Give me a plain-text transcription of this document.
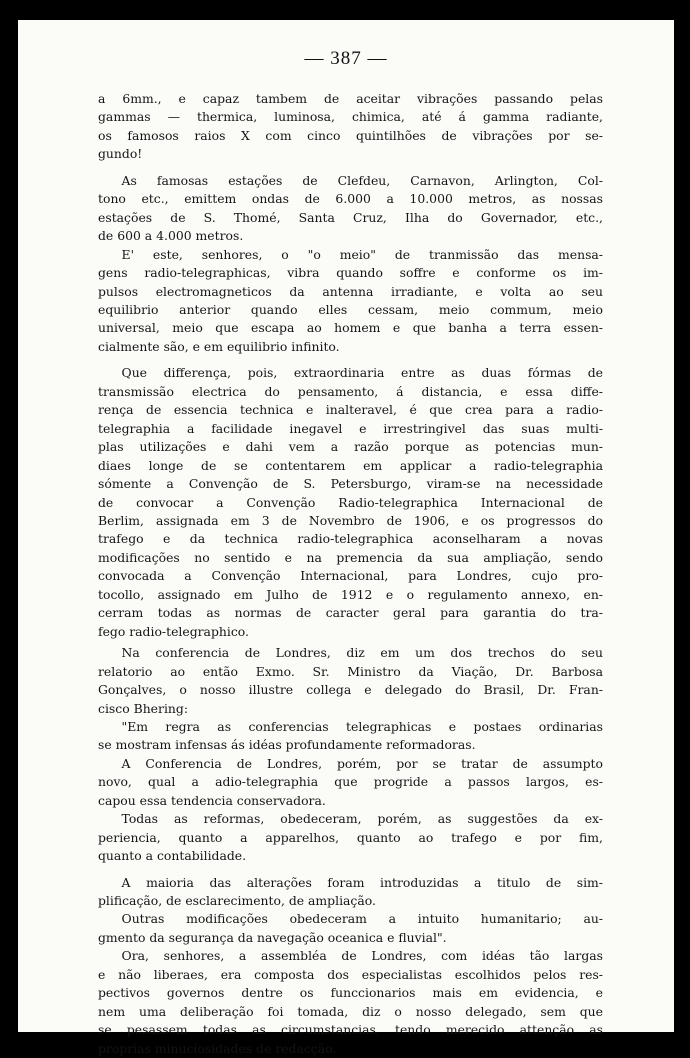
— 387 —

a 6mm., e capaz tambem de aceitar vibrações passando pelas

gammas — thermica, luminosa, chimica, até á gamma radiante,

os famosos raios X com cinco quintilhões de vibrações por se-

gundo!

As famosas estações de Clefdeu, Carnavon, Arlington, Col-

tono etc., emittem ondas de 6.000 a 10.000 metros, as nossas

estações de S. Thomé, Santa Cruz, Ilha do Governador, etc.,

de 600 a 4.000 metros.

E' este, senhores, o "o meio" de tranmissão das mensa-

gens radio-telegraphicas, vibra quando soffre e conforme os im-

pulsos electromagneticos da antenna irradiante, e volta ao seu

equilibrio anterior quando elles cessam, meio commum, meio

universal, meio que escapa ao homem e que banha a terra essen-

cialmente são, e em equilibrio infinito.

Que differença, pois, extraordinaria entre as duas fórmas de

transmissão electrica do pensamento, á distancia, e essa diffe-

rença de essencia technica e inalteravel, é que crea para a radio-

telegraphia a facilidade inegavel e irrestringivel das suas multi-

plas utilizações e dahi vem a razão porque as potencias mun-

diaes longe de se contentarem em applicar a radio-telegraphia

sómente a Convenção de S. Petersburgo, viram-se na necessidade

de convocar a Convenção Radio-telegraphica Internacional de

Berlim, assignada em 3 de Novembro de 1906, e os progressos do

trafego e da technica radio-telegraphica aconselharam a novas

modificações no sentido e na premencia da sua ampliação, sendo

convocada a Convenção Internacional, para Londres, cujo pro-

tocollo, assignado em Julho de 1912 e o regulamento annexo, en-

cerram todas as normas de caracter geral para garantia do tra-

fego radio-telegraphico.

Na conferencia de Londres, diz em um dos trechos do seu

relatorio ao então Exmo. Sr. Ministro da Viação, Dr. Barbosa

Gonçalves, o nosso illustre collega e delegado do Brasil, Dr. Fran-

cisco Bhering:

"Em regra as conferencias telegraphicas e postaes ordinarias

se mostram infensas ás idéas profundamente reformadoras.

A Conferencia de Londres, porém, por se tratar de assumpto

novo, qual a adio-telegraphia que progride a passos largos, es-

capou essa tendencia conservadora.

Todas as reformas, obedeceram, porém, as suggestões da ex-

periencia, quanto a apparelhos, quanto ao trafego e por fim,

quanto a contabilidade.

A maioria das alterações foram introduzidas a titulo de sim-

plificação, de esclarecimento, de ampliação.

Outras modificações obedeceram a intuito humanitario; au-

gmento da segurança da navegação oceanica e fluvial".

Ora, senhores, a assembléa de Londres, com idéas tão largas

e não liberaes, era composta dos especialistas escolhidos pelos res-

pectivos governos dentre os funccionarios mais em evidencia, e

nem uma deliberação foi tomada, diz o nosso delegado, sem que

se pesassem todas as circumstancias, tendo merecido attenção as

proprias minuciosidades de redacção.
